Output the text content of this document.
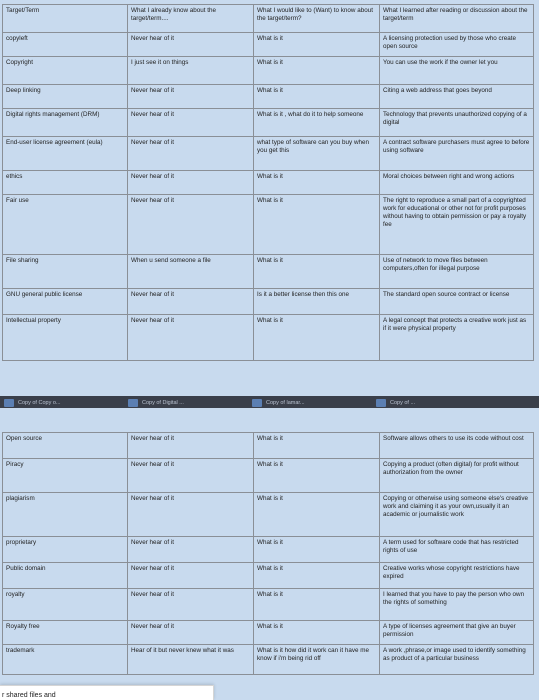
Target/Term	What I already know about the target/term....	What I would like to (Want) to know about the target/term?	What I learned after reading or discussion about the target/term
copyleft	Never hear of it	What is it	A licensing protection used by those who create open source
Copyright	I just see it on things	What is it	You can use the work if the owner let you
Deep linking	Never hear of it	What is it	Citing a web address that goes beyond
Digital rights management (DRM)	Never hear of it	What is it , what do it to help someone	Technology that prevents unauthorized copying of a digital
End-user license agreement (eula)	Never hear of it	what type of software can you buy when you get this	A contract software purchasers must agree to before using software
ethics	Never hear of it	What is it	Moral choices between right and wrong actions
Fair use	Never hear of it	What is it	The right to reproduce a small part of a copyrighted work for educational or other not for profit purposes without having to obtain permission or pay a royalty fee
File sharing	When u send someone a file	What is it	Use of network to move files between computers,often for illegal purpose
GNU general public license	Never hear of it	Is it a better license then this one	The standard open source contract or license
Intellectual property	Never hear of it	What is it	A legal concept that protects a creative work just as if it were physical property
Copy of Copy o...	Copy of Digital ...	Copy of lamar...	Copy of ...
Open source	Never hear of it	What is it	Software allows others to use its code without cost
Piracy	Never hear of it	What is it	Copying a product (often digital) for profit without authorization from the owner
plagiarism	Never hear of it	What is it	Copying or otherwise using someone else's creative work and claiming it as your own,usually it an academic or journalistic work
proprietary	Never hear of it	What is it	A term used for software code that has restricted rights of use
Public domain	Never hear of it	What is it	Creative works whose copyright restrictions have expired
royalty	Never hear of it	What is it	I learned that you have to pay the person who own the rights of something
Royalty free	Never hear of it	What is it	A type of licenses agreement that give an buyer permission
trademark	Hear of it but never knew what it was	What is it how did it work can it have me know if i'm being rid off	A work ,phrase,or image used to identify something as product of a particular business
r shared files and
